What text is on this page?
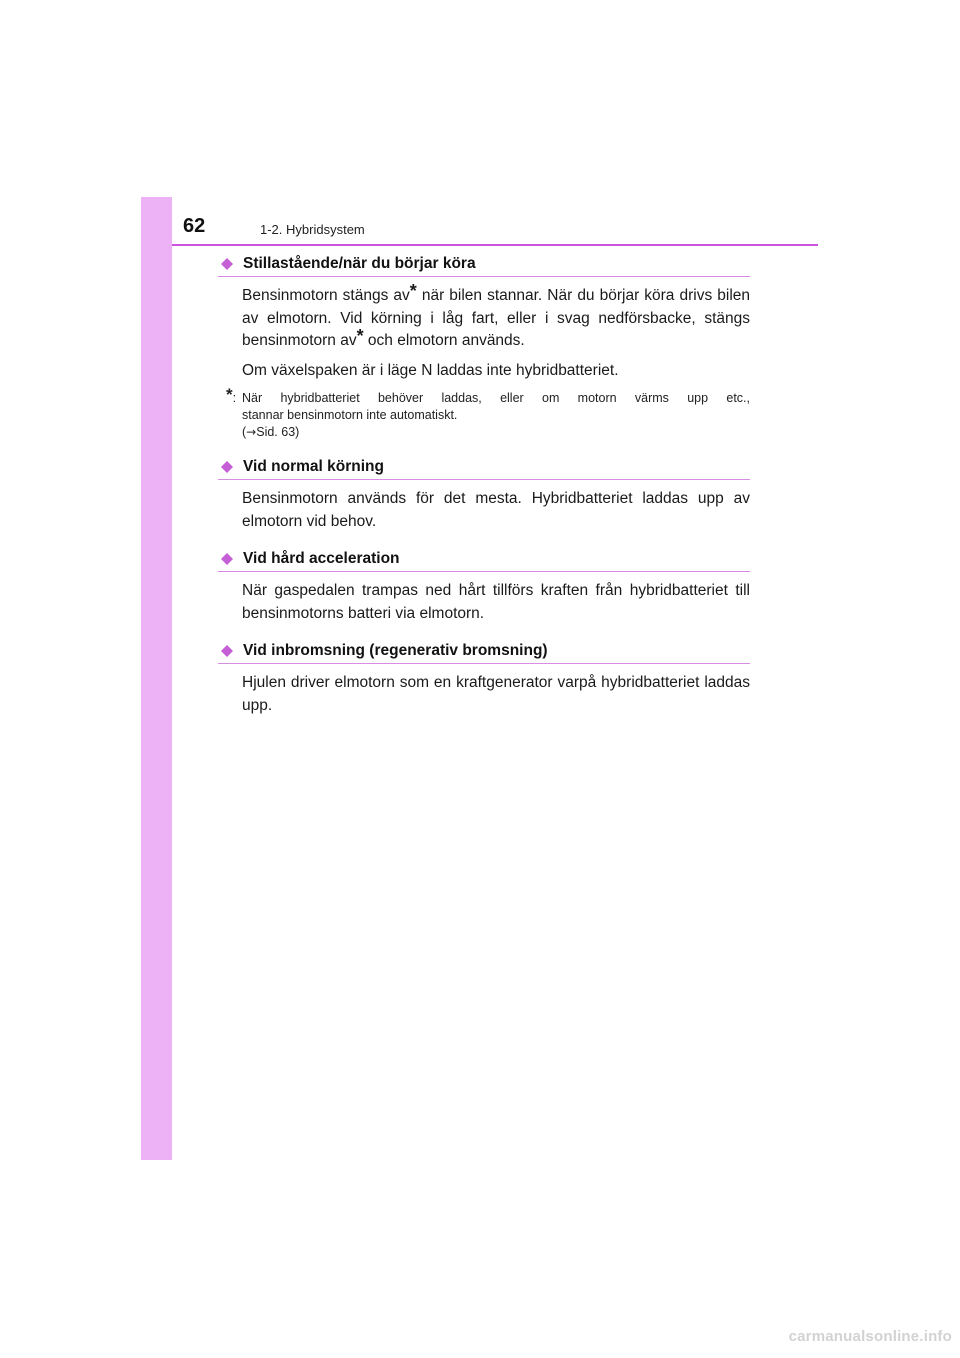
62	1-2. Hybridsystem
Stillastående/när du börjar köra

Bensinmotorn stängs av* när bilen stannar. När du börjar köra drivs bilen av elmotorn. Vid körning i låg fart, eller i svag nedförsbacke, stängs bensinmotorn av* och elmotorn används.

Om växelspaken är i läge N laddas inte hybridbatteriet.

*: När hybridbatteriet behöver laddas, eller om motorn värms upp etc.,
stannar bensinmotorn inte automatiskt.
(→Sid. 63)
Vid normal körning

Bensinmotorn används för det mesta. Hybridbatteriet laddas upp av elmotorn vid behov.

Vid hård acceleration

När gaspedalen trampas ned hårt tillförs kraften från hybridbatteriet till bensinmotorns batteri via elmotorn.

Vid inbromsning (regenerativ bromsning)

Hjulen driver elmotorn som en kraftgenerator varpå hybridbatteriet laddas upp.

carmanualsonline.info
